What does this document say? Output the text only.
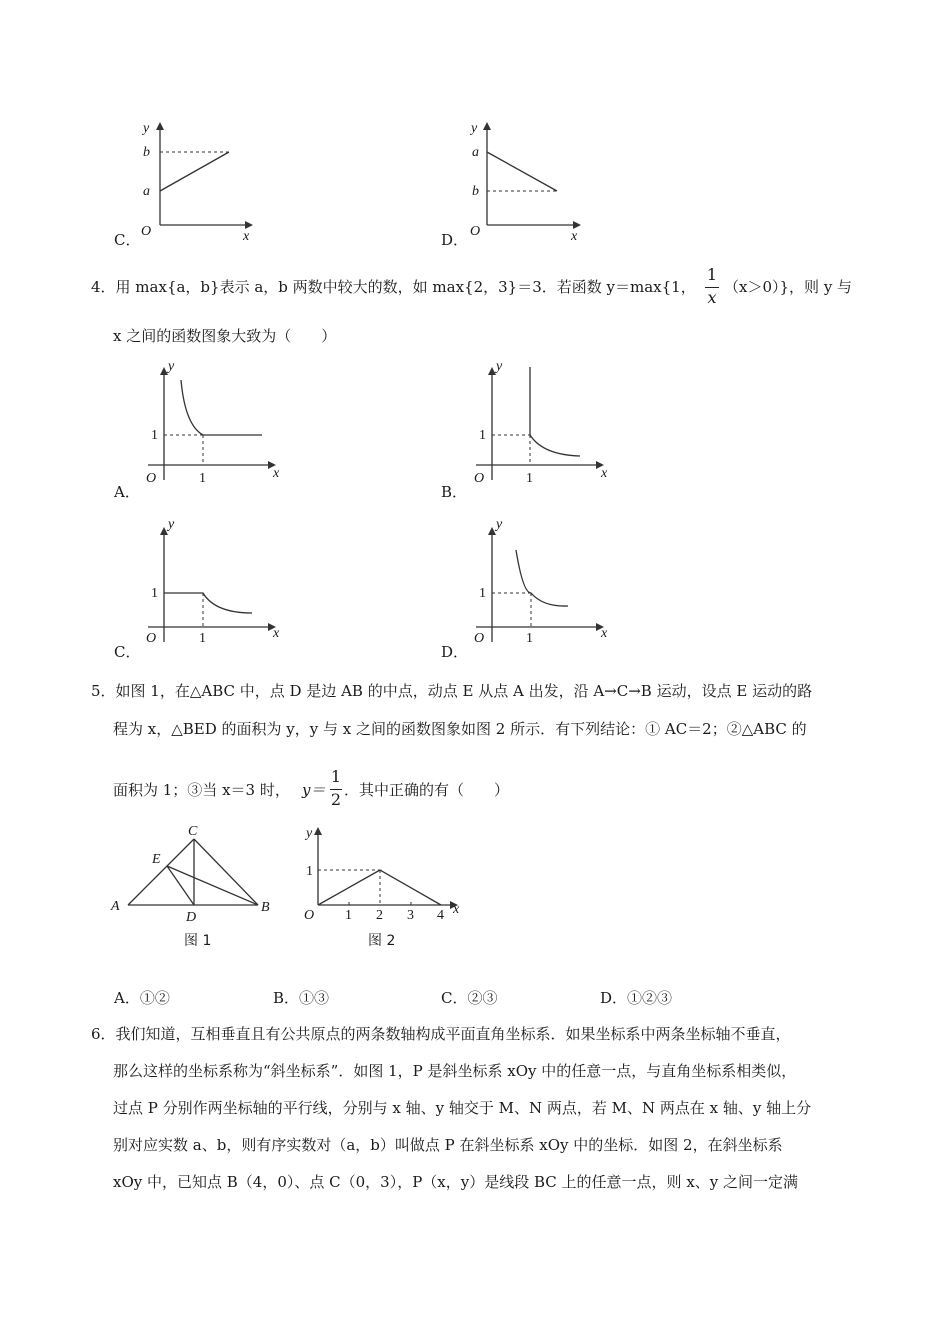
C．
y
b
a
O	x	D．
y
a
b
O	x
4．用 max{a，b}表示 a，b 两数中较大的数，如 max{2，3}＝3．若函数 y＝max{1，
1
x
（x＞0）}，则 y 与
x 之间的函数图象大致为（　　）
A．
y
1
O	1	x
B．
y
1
O	1	x
C．
y
1
O	1	x
D．
y
1
O	1	x
5．如图 1，在△ABC 中，点 D 是边 AB 的中点，动点 E 从点 A 出发，沿 A→C→B 运动，设点 E 运动的路
程为 x，△BED 的面积为 y，y 与 x 之间的函数图象如图 2 所示．有下列结论：① AC＝2；②△ABC 的
面积为 1；③当 x＝3 时， y＝
1
2 ．其中正确的有（　　）
A	B
C
D
E
图 1
y
1
O 1 2 3 4 x
图 2
A．①②	B．①③	C．②③	D．①②③
6．我们知道，互相垂直且有公共原点的两条数轴构成平面直角坐标系．如果坐标系中两条坐标轴不垂直，
那么这样的坐标系称为“斜坐标系”．如图 1，P 是斜坐标系 xOy 中的任意一点，与直角坐标系相类似，
过点 P 分别作两坐标轴的平行线，分别与 x 轴、y 轴交于 M、N 两点，若 M、N 两点在 x 轴、y 轴上分
别对应实数 a、b，则有序实数对（a，b）叫做点 P 在斜坐标系 xOy 中的坐标．如图 2，在斜坐标系
xOy 中，已知点 B（4，0）、点 C（0，3），P（x，y）是线段 BC 上的任意一点，则 x、y 之间一定满
